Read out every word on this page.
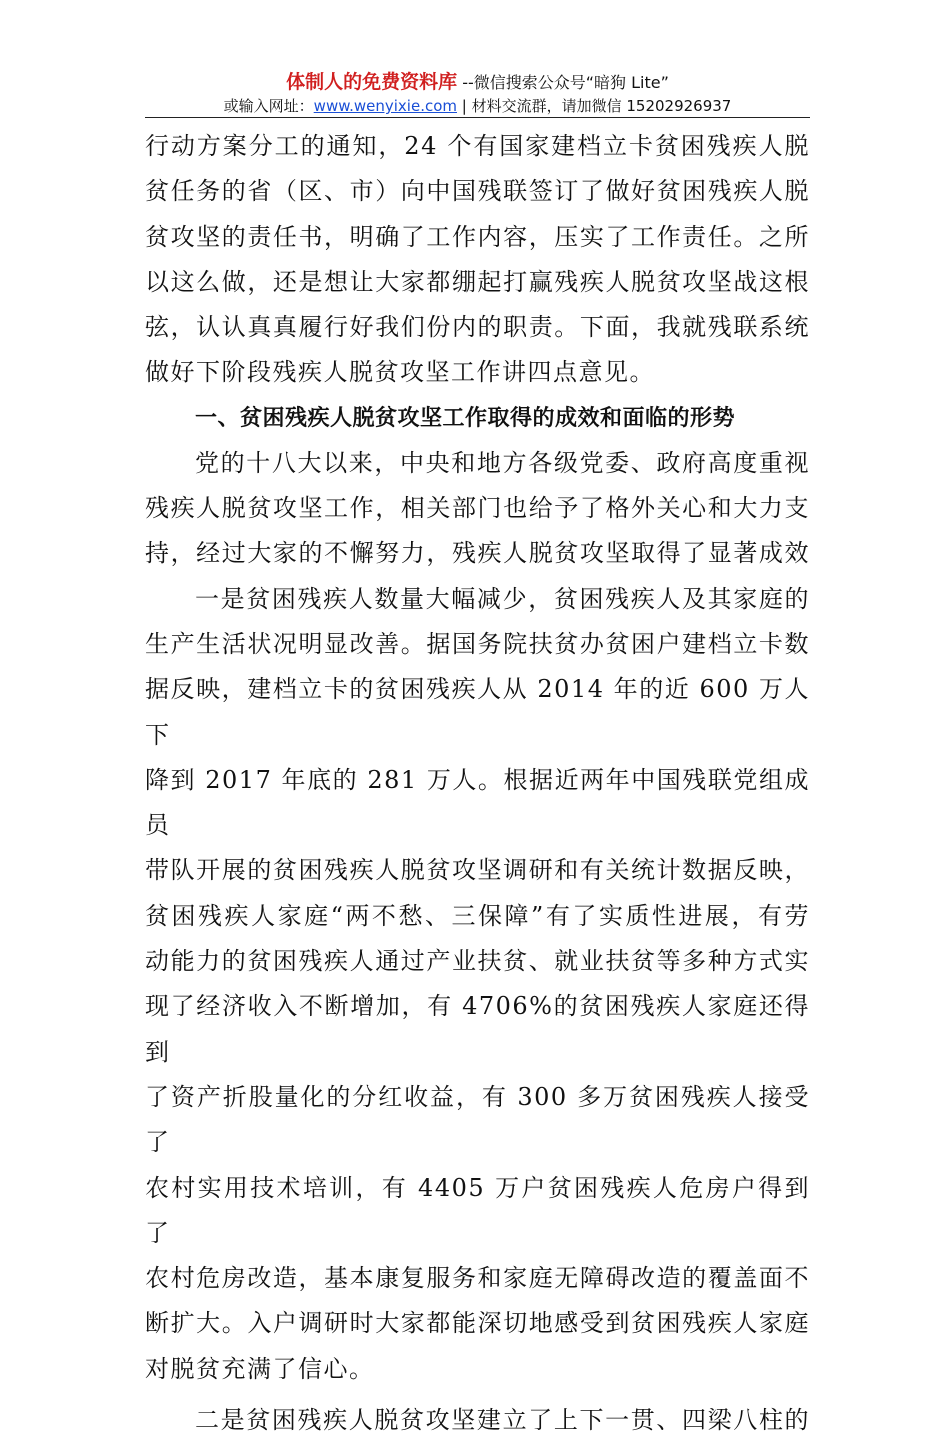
体制人的免费资料库 --微信搜索公众号“暗狗 Lite”
或输入网址：www.wenyixie.com | 材料交流群，请加微信 15202926937

行动方案分工的通知，24 个有国家建档立卡贫困残疾人脱

贫任务的省（区、市）向中国残联签订了做好贫困残疾人脱

贫攻坚的责任书，明确了工作内容，压实了工作责任。之所

以这么做，还是想让大家都绷起打赢残疾人脱贫攻坚战这根

弦，认认真真履行好我们份内的职责。下面，我就残联系统

做好下阶段残疾人脱贫攻坚工作讲四点意见。

一、贫困残疾人脱贫攻坚工作取得的成效和面临的形势

党的十八大以来，中央和地方各级党委、政府高度重视

残疾人脱贫攻坚工作，相关部门也给予了格外关心和大力支

持，经过大家的不懈努力，残疾人脱贫攻坚取得了显著成效

一是贫困残疾人数量大幅减少，贫困残疾人及其家庭的

生产生活状况明显改善。据国务院扶贫办贫困户建档立卡数

据反映，建档立卡的贫困残疾人从 2014 年的近 600 万人下

降到 2017 年底的 281 万人。根据近两年中国残联党组成员

带队开展的贫困残疾人脱贫攻坚调研和有关统计数据反映，

贫困残疾人家庭“两不愁、三保障”有了实质性进展，有劳

动能力的贫困残疾人通过产业扶贫、就业扶贫等多种方式实

现了经济收入不断增加，有 4706%的贫困残疾人家庭还得到

了资产折股量化的分红收益，有 300 多万贫困残疾人接受了

农村实用技术培训，有 4405 万户贫困残疾人危房户得到了

农村危房改造，基本康复服务和家庭无障碍改造的覆盖面不

断扩大。入户调研时大家都能深切地感受到贫困残疾人家庭

对脱贫充满了信心。

二是贫困残疾人脱贫攻坚建立了上下一贯、四梁八柱的
